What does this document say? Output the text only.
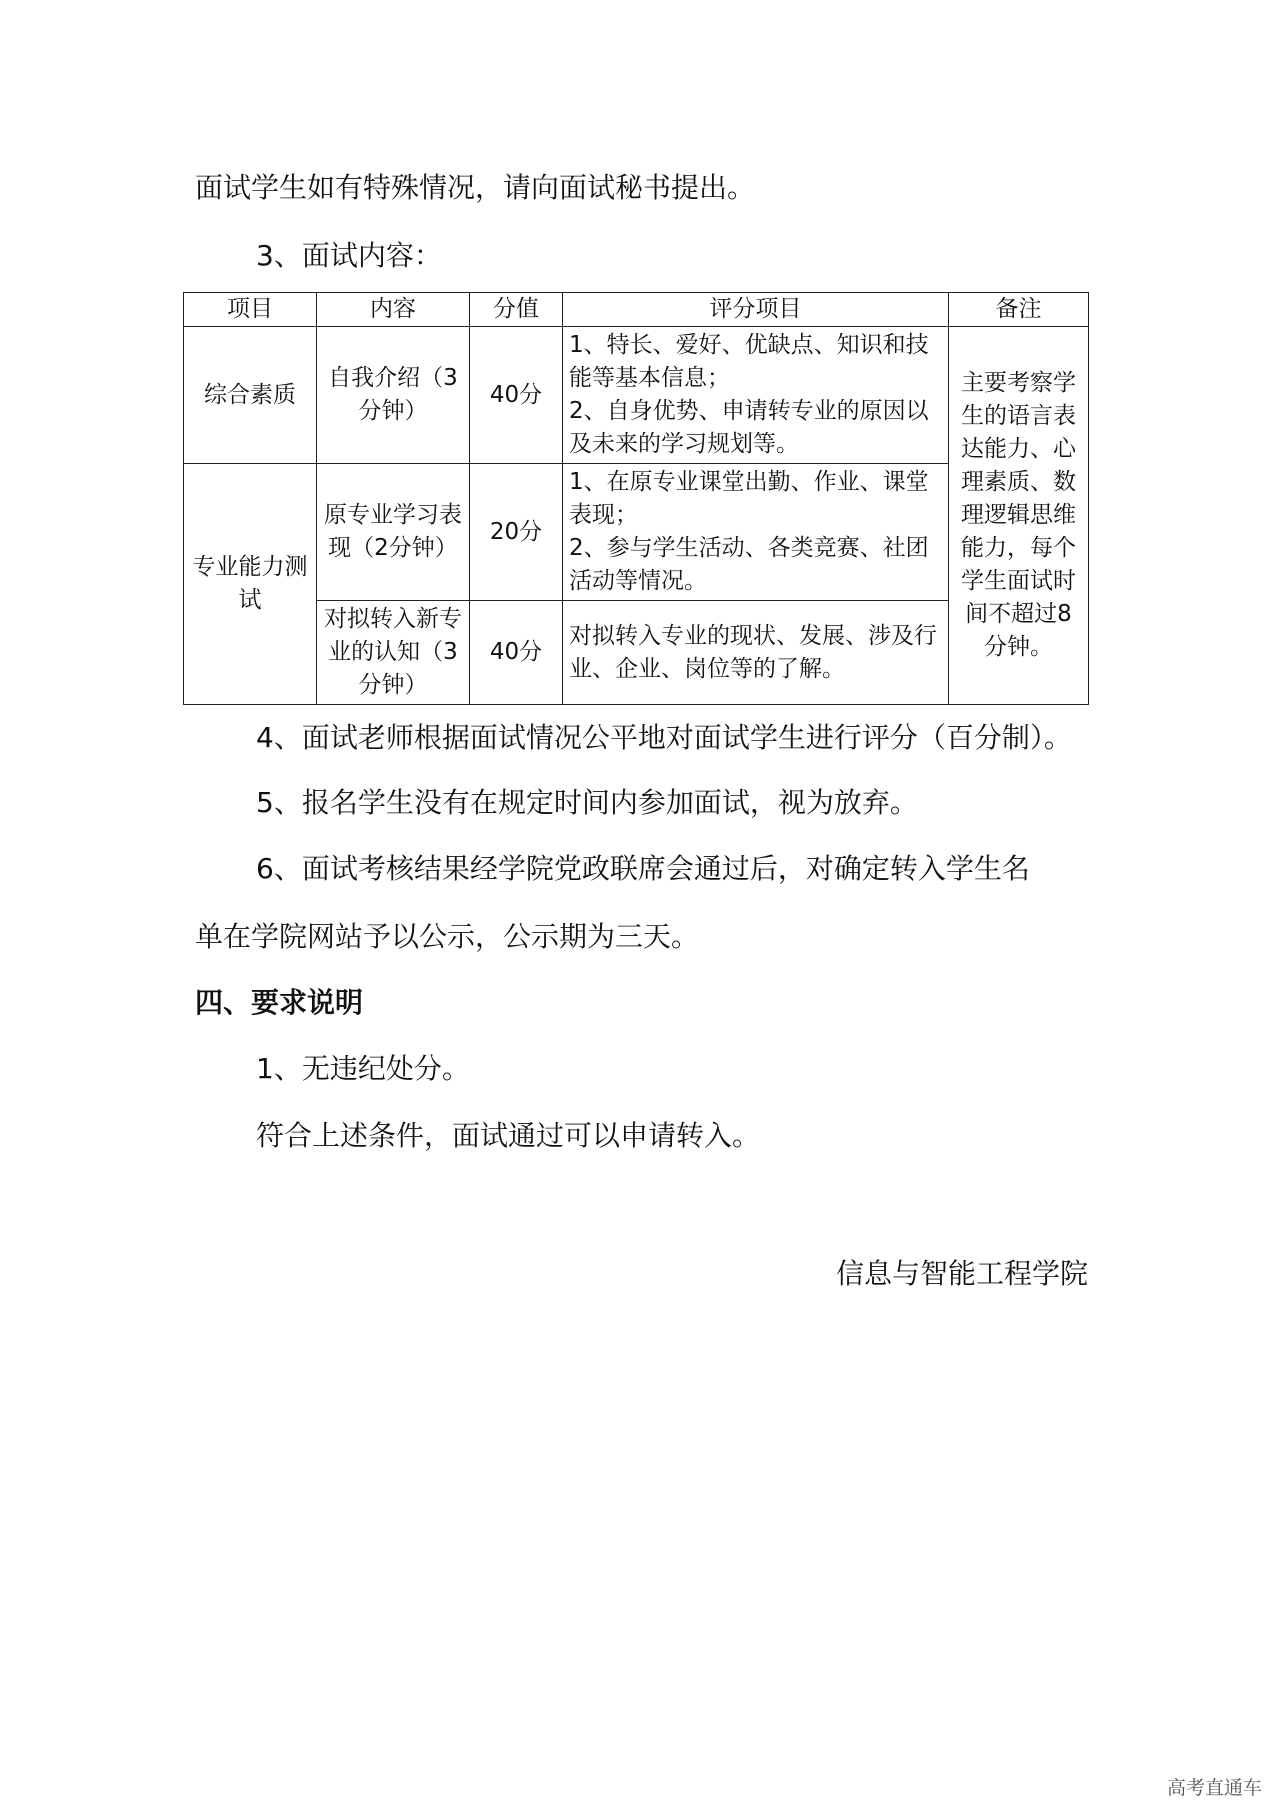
面试学生如有特殊情况，请向面试秘书提出。

3、面试内容：

项目	内容	分值	评分项目	备注
综合素质	自我介绍（3分钟）	40分	1、特长、爱好、优缺点、知识和技能等基本信息；
2、自身优势、申请转专业的原因以及未来的学习规划等。	主要考察学生的语言表达能力、心理素质、数理逻辑思维能力，每个学生面试时间不超过8分钟。
专业能力测试	原专业学习表现（2分钟）	20分	1、在原专业课堂出勤、作业、课堂表现；
2、参与学生活动、各类竞赛、社团活动等情况。	

	对拟转入新专业的认知（3分钟）	40分	对拟转入专业的现状、发展、涉及行业、企业、岗位等的了解。	

4、面试老师根据面试情况公平地对面试学生进行评分（百分制）。

5、报名学生没有在规定时间内参加面试，视为放弃。

6、面试考核结果经学院党政联席会通过后，对确定转入学生名

单在学院网站予以公示，公示期为三天。

四、要求说明

1、无违纪处分。

符合上述条件，面试通过可以申请转入。

信息与智能工程学院

高考直通车
